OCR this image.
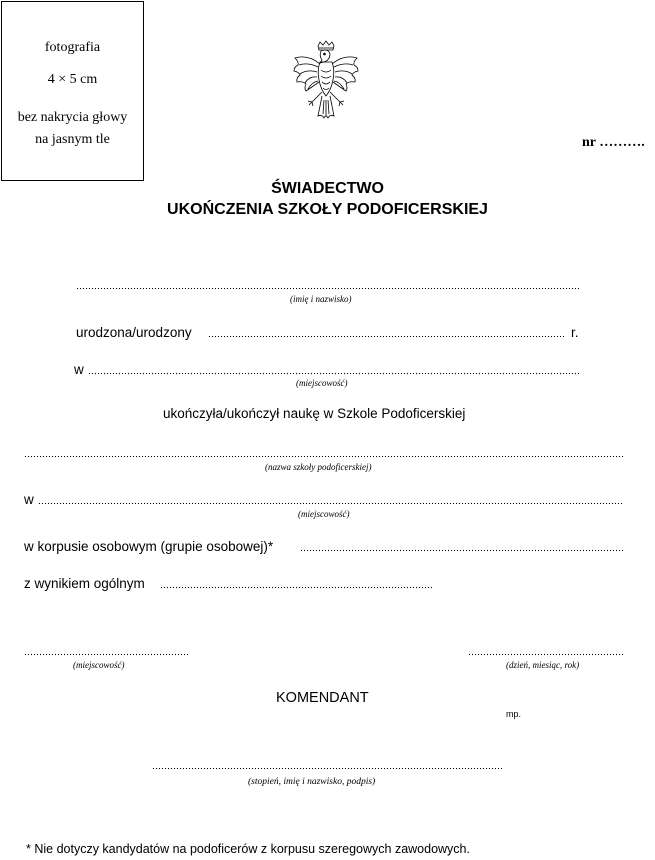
fotografia
4 × 5 cm
bez nakrycia głowy
na jasnym tle	nr ……….
ŚWIADECTWO
UKOŃCZENIA SZKOŁY PODOFICERSKIEJ
(imię i nazwisko)
urodzona/urodzony	r.
w
(miejscowość)
ukończyła/ukończył naukę w Szkole Podoficerskiej
(nazwa szkoły podoficerskiej)
w
(miejscowość)
w korpusie osobowym (grupie osobowej)*
z wynikiem ogólnym
(miejscowość)	(dzień, miesiąc, rok)
KOMENDANT
mp.
(stopień, imię i nazwisko, podpis)
* Nie dotyczy kandydatów na podoficerów z korpusu szeregowych zawodowych.
